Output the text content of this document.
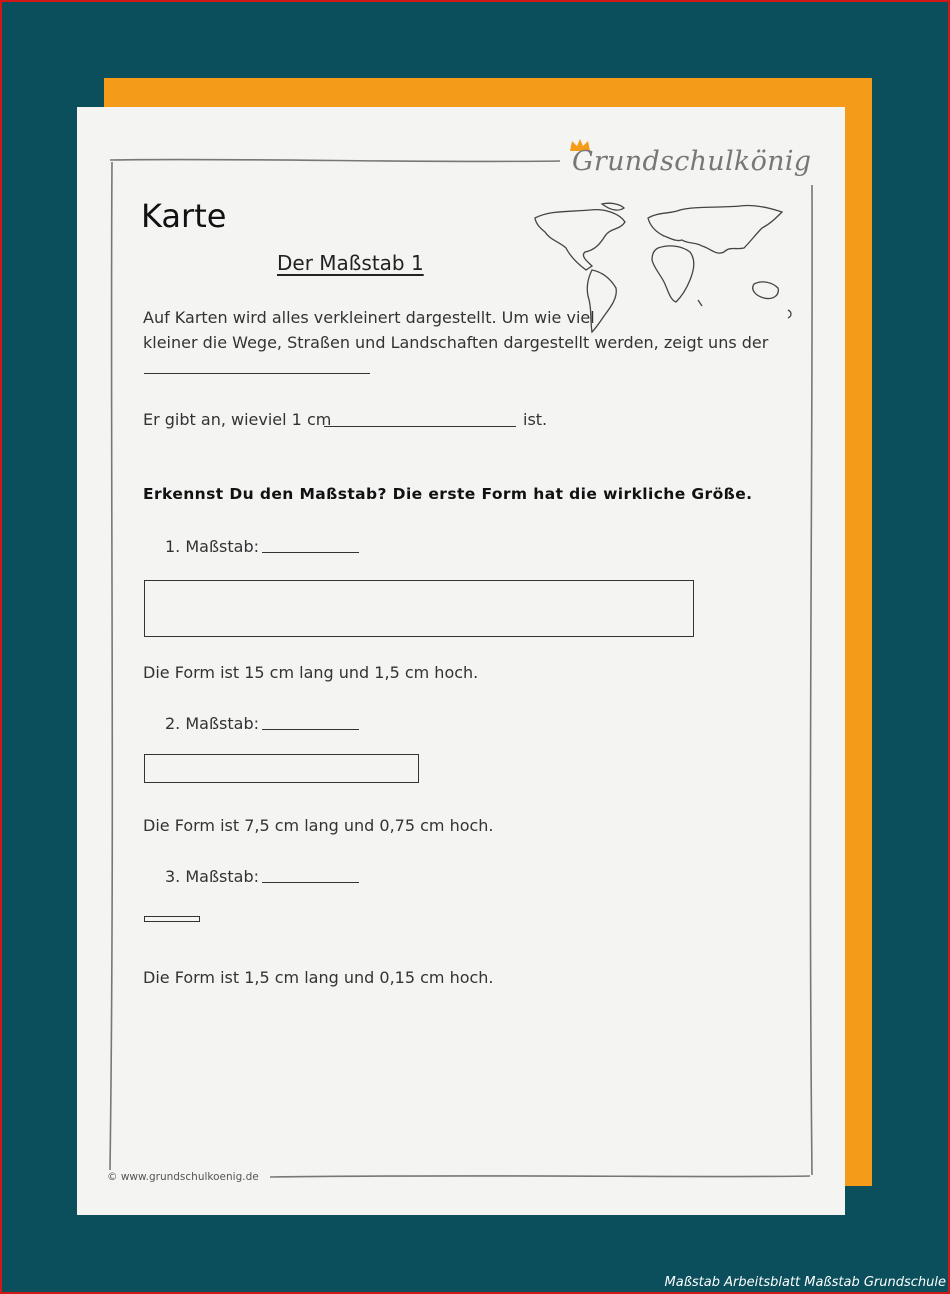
Grundschulkönig
Karte
Der Maßstab 1
Auf Karten wird alles verkleinert dargestellt. Um wie viel
kleiner die Wege, Straßen und Landschaften dargestellt werden, zeigt uns der
Er gibt an, wieviel 1 cm	ist.
Erkennst Du den Maßstab? Die erste Form hat die wirkliche Größe.
1. Maßstab:
Die Form ist 15 cm lang und 1,5 cm hoch.
2. Maßstab:
Die Form ist 7,5 cm lang und 0,75 cm hoch.
3. Maßstab:
Die Form ist 1,5 cm lang und 0,15 cm hoch.
© www.grundschulkoenig.de
Maßstab Arbeitsblatt Maßstab Grundschule
